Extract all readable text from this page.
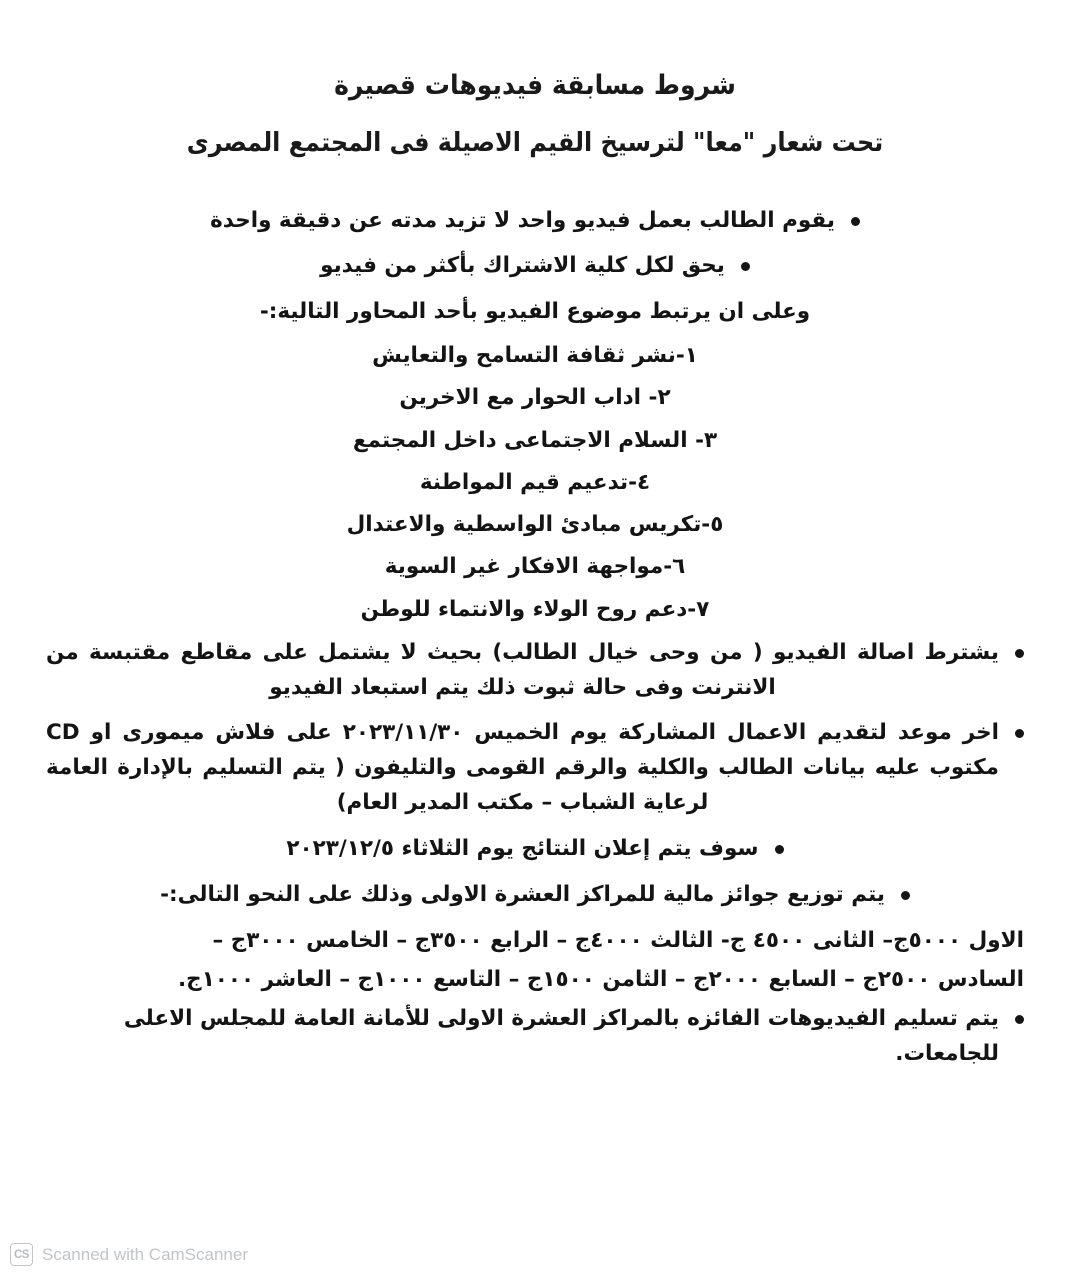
شروط مسابقة فيديوهات قصيرة
تحت شعار "معا" لترسيخ القيم الاصيلة فى المجتمع المصرى
يقوم الطالب بعمل فيديو واحد لا تزيد مدته عن دقيقة واحدة
يحق لكل كلية الاشتراك بأكثر من فيديو
وعلى ان يرتبط موضوع الفيديو بأحد المحاور التالية:-
١-نشر ثقافة التسامح والتعايش
٢- اداب الحوار مع الاخرين
٣- السلام الاجتماعى داخل المجتمع
٤-تدعيم قيم المواطنة
٥-تكريس مبادئ الواسطية والاعتدال
٦-مواجهة الافكار غير السوية
٧-دعم روح الولاء والانتماء للوطن
يشترط اصالة الفيديو ( من وحى خيال الطالب) بحيث لا يشتمل على مقاطع مقتبسة من الانترنت وفى حالة ثبوت ذلك يتم استبعاد الفيديو
اخر موعد لتقديم الاعمال المشاركة يوم الخميس ٢٠٢٣/١١/٣٠ على فلاش ميمورى او CD مكتوب عليه بيانات الطالب والكلية والرقم القومى والتليفون ( يتم التسليم بالإدارة العامة لرعاية الشباب – مكتب المدير العام)
سوف يتم إعلان النتائج يوم الثلاثاء ٢٠٢٣/١٢/٥
يتم توزيع جوائز مالية للمراكز العشرة الاولى وذلك على النحو التالى:-

الاول ٥٠٠٠ج– الثانى ٤٥٠٠ ج- الثالث ٤٠٠٠ج – الرابع ٣٥٠٠ج – الخامس ٣٠٠٠ج –

السادس ٢٥٠٠ج – السابع ٢٠٠٠ج – الثامن ١٥٠٠ج – التاسع ١٠٠٠ج – العاشر ١٠٠٠ج.

يتم تسليم الفيديوهات الفائزه بالمراكز العشرة الاولى للأمانة العامة للمجلس الاعلى للجامعات.
CS Scanned with CamScanner
